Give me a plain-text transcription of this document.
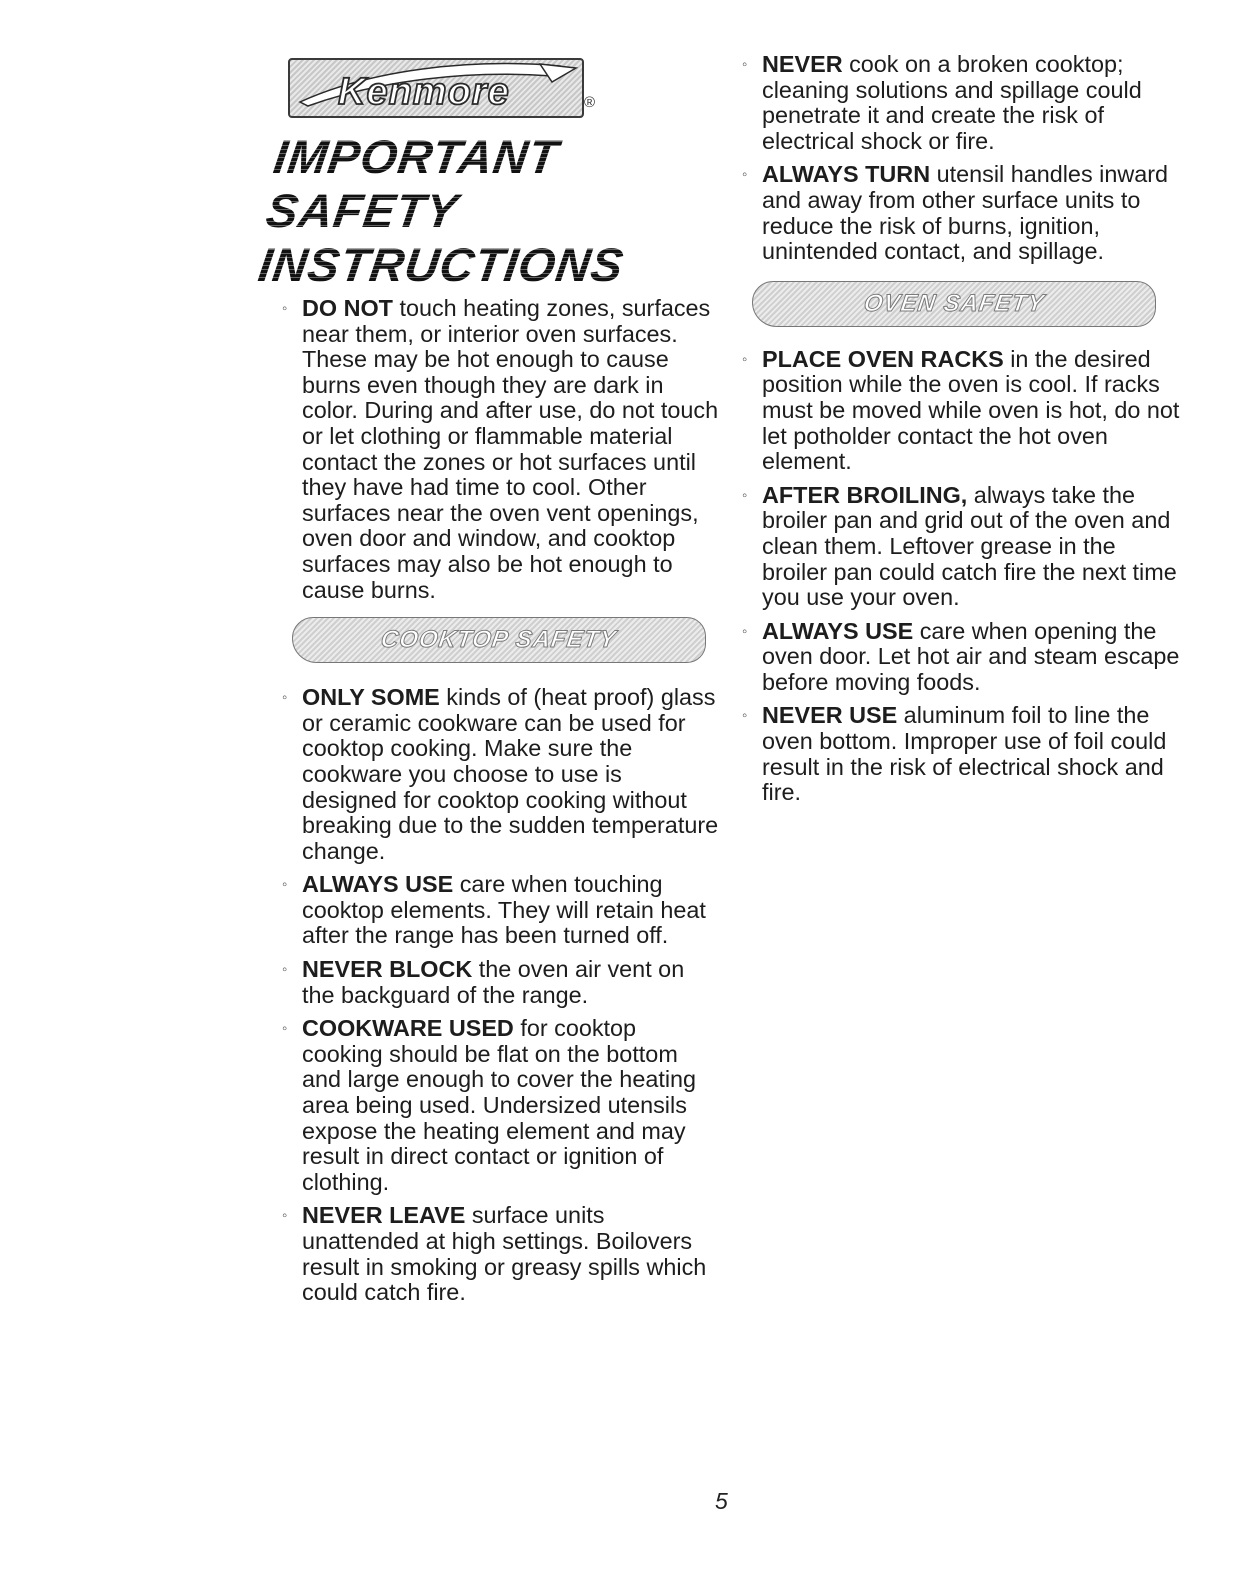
Kenmore	®
IMPORTANT SAFETY
INSTRUCTIONS
◦ DO NOT touch heating zones, surfaces near them, or interior oven surfaces. These may be hot enough to cause burns even though they are dark in color. During and after use, do not touch or let clothing or flammable material contact the zones or hot surfaces until they have had time to cool. Other surfaces near the oven vent openings, oven door and window, and cooktop surfaces may also be hot enough to cause burns.
COOKTOP SAFETY
◦ ONLY SOME kinds of (heat proof) glass or ceramic cookware can be used for cooktop cooking. Make sure the cookware you choose to use is designed for cooktop cooking without breaking due to the sudden temperature change.
◦ ALWAYS USE care when touching cooktop elements. They will retain heat after the range has been turned off.
◦ NEVER BLOCK the oven air vent on the backguard of the range.
◦ COOKWARE USED for cooktop cooking should be flat on the bottom and large enough to cover the heating area being used. Undersized utensils expose the heating element and may result in direct contact or ignition of clothing.
◦ NEVER LEAVE surface units unattended at high settings. Boilovers result in smoking or greasy spills which could catch fire.
◦ NEVER cook on a broken cooktop; cleaning solutions and spillage could penetrate it and create the risk of electrical shock or fire.
◦ ALWAYS TURN utensil handles inward and away from other surface units to reduce the risk of burns, ignition, unintended contact, and spillage.
OVEN SAFETY
◦ PLACE OVEN RACKS in the desired position while the oven is cool. If racks must be moved while oven is hot, do not let potholder contact the hot oven element.
◦ AFTER BROILING, always take the broiler pan and grid out of the oven and clean them. Leftover grease in the broiler pan could catch fire the next time you use your oven.
◦ ALWAYS USE care when opening the oven door. Let hot air and steam escape before moving foods.
◦ NEVER USE aluminum foil to line the oven bottom. Improper use of foil could result in the risk of electrical shock and fire.
5
